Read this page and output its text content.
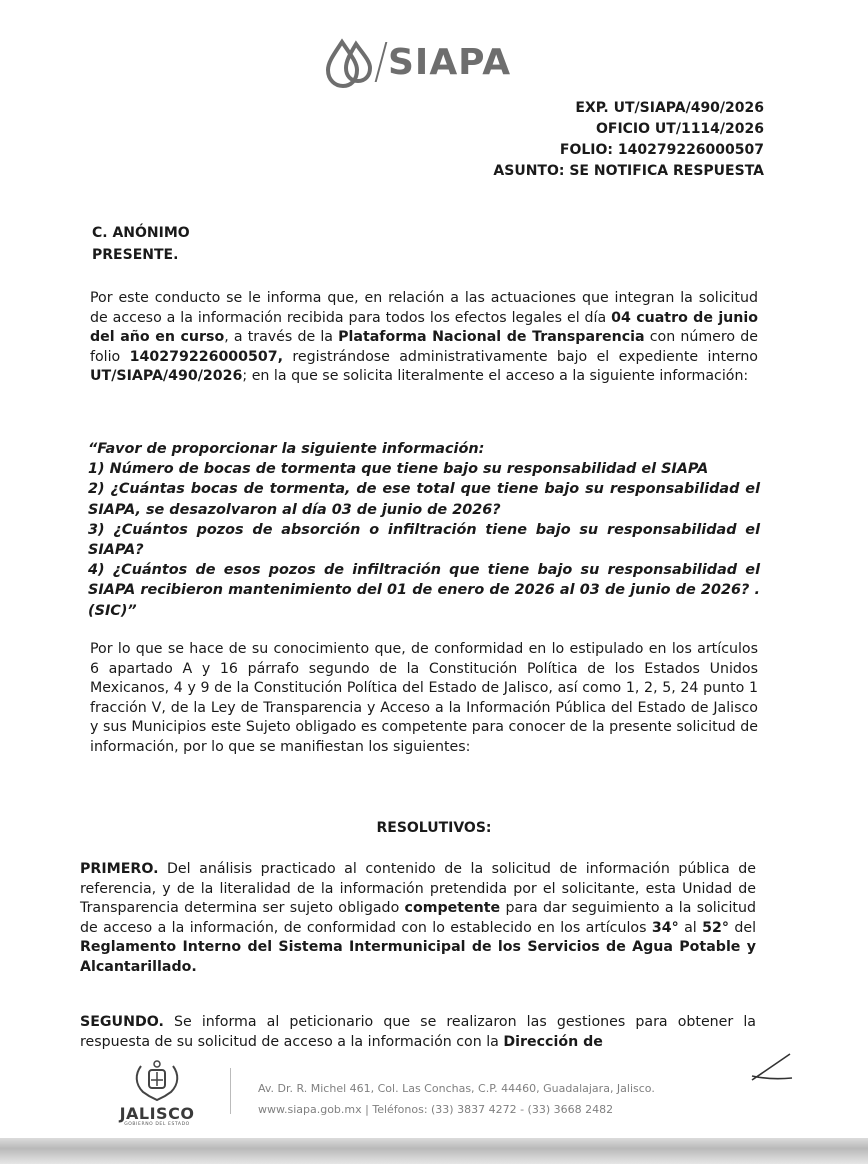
SIAPA
EXP. UT/SIAPA/490/2026
OFICIO UT/1114/2026
FOLIO: 140279226000507
ASUNTO: SE NOTIFICA RESPUESTA
C. ANÓNIMO
PRESENTE.
Por este conducto se le informa que, en relación a las actuaciones que integran la solicitud de acceso a la información recibida para todos los efectos legales el día 04 cuatro de junio del año en curso, a través de la Plataforma Nacional de Transparencia con número de folio 140279226000507, registrándose administrativamente bajo el expediente interno UT/SIAPA/490/2026; en la que se solicita literalmente el acceso a la siguiente información:
“Favor de proporcionar la siguiente información:
1) Número de bocas de tormenta que tiene bajo su responsabilidad el SIAPA
2) ¿Cuántas bocas de tormenta, de ese total que tiene bajo su responsabilidad el SIAPA, se desazolvaron al día 03 de junio de 2026?
3) ¿Cuántos pozos de absorción o infiltración tiene bajo su responsabilidad el SIAPA?
4) ¿Cuántos de esos pozos de infiltración que tiene bajo su responsabilidad el SIAPA recibieron mantenimiento del 01 de enero de 2026 al 03 de junio de 2026? . (SIC)”
Por lo que se hace de su conocimiento que, de conformidad en lo estipulado en los artículos 6 apartado A y 16 párrafo segundo de la Constitución Política de los Estados Unidos Mexicanos, 4 y 9 de la Constitución Política del Estado de Jalisco, así como 1, 2, 5, 24 punto 1 fracción V, de la Ley de Transparencia y Acceso a la Información Pública del Estado de Jalisco y sus Municipios este Sujeto obligado es competente para conocer de la presente solicitud de información, por lo que se manifiestan los siguientes:
RESOLUTIVOS:
PRIMERO. Del análisis practicado al contenido de la solicitud de información pública de referencia, y de la literalidad de la información pretendida por el solicitante, esta Unidad de Transparencia determina ser sujeto obligado competente para dar seguimiento a la solicitud de acceso a la información, de conformidad con lo establecido en los artículos 34° al 52° del Reglamento Interno del Sistema Intermunicipal de los Servicios de Agua Potable y Alcantarillado.
SEGUNDO. Se informa al peticionario que se realizaron las gestiones para obtener la respuesta de su solicitud de acceso a la información con la Dirección de
JALISCO
GOBIERNO DEL ESTADO
Av. Dr. R. Michel 461, Col. Las Conchas, C.P. 44460, Guadalajara, Jalisco.
www.siapa.gob.mx | Teléfonos: (33) 3837 4272 - (33) 3668 2482
